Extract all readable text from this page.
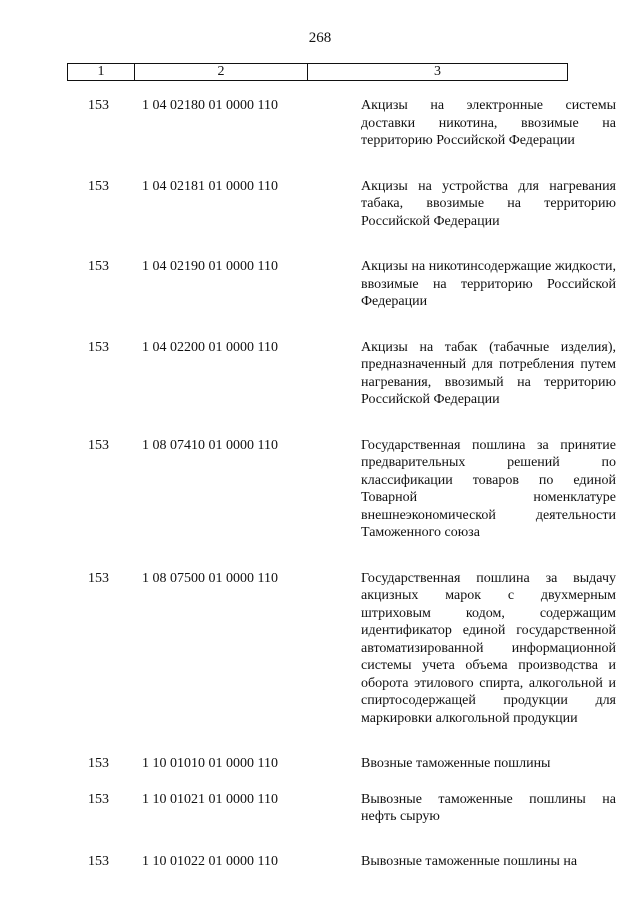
268
1	2	3
153	1 04 02180 01 0000 110	Акцизы на электронные системы доставки никотина, ввозимые на территорию Российской Федерации
153	1 04 02181 01 0000 110	Акцизы на устройства для нагревания табака, ввозимые на территорию Российской Федерации
153	1 04 02190 01 0000 110	Акцизы на никотинсодержащие жидкости, ввозимые на территорию Российской Федерации
153	1 04 02200 01 0000 110	Акцизы на табак (табачные изделия), предназначенный для потребления путем нагревания, ввозимый на территорию Российской Федерации
153	1 08 07410 01 0000 110	Государственная пошлина за принятие предварительных решений по классификации товаров по единой Товарной номенклатуре внешнеэкономической деятельности Таможенного союза
153	1 08 07500 01 0000 110	Государственная пошлина за выдачу акцизных марок с двухмерным штриховым кодом, содержащим идентификатор единой государственной автоматизированной информационной системы учета объема производства и оборота этилового спирта, алкогольной и спиртосодержащей продукции для маркировки алкогольной продукции
153	1 10 01010 01 0000 110	Ввозные таможенные пошлины
153	1 10 01021 01 0000 110	Вывозные таможенные пошлины на нефть сырую
153	1 10 01022 01 0000 110	Вывозные таможенные пошлины на
